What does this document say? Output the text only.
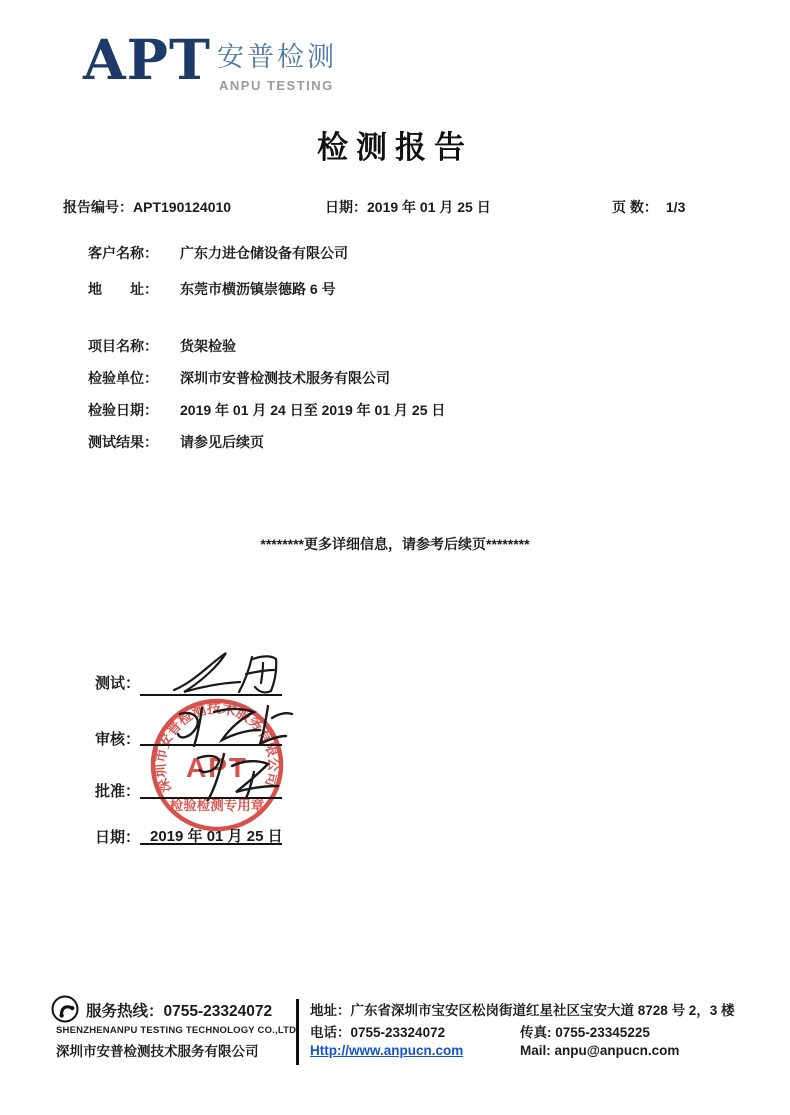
APT 安普检测
ANPU TESTING
检测报告
报告编号：APT190124010	日期：2019 年 01 月 25 日	页 数： 1/3
客户名称： 广东力进仓储设备有限公司
地　　址： 东莞市横沥镇崇德路 6 号
项目名称： 货架检验
检验单位： 深圳市安普检测技术服务有限公司
检验日期： 2019 年 01 月 24 日至 2019 年 01 月 25 日
测试结果： 请参见后续页
********更多详细信息，请参考后续页********
测试：
审核：
批准：
日期： 2019 年 01 月 25 日
深圳市安普检测技术服务有限公司
APT
检验检测专用章
服务热线：0755-23324072
SHENZHENANPU TESTING TECHNOLOGY CO.,LTD
深圳市安普检测技术服务有限公司
地址：广东省深圳市宝安区松岗街道红星社区宝安大道 8728 号 2，3 楼
电话：0755-23324072	传真: 0755-23345225
Http://www.anpucn.com	Mail: anpu@anpucn.com
